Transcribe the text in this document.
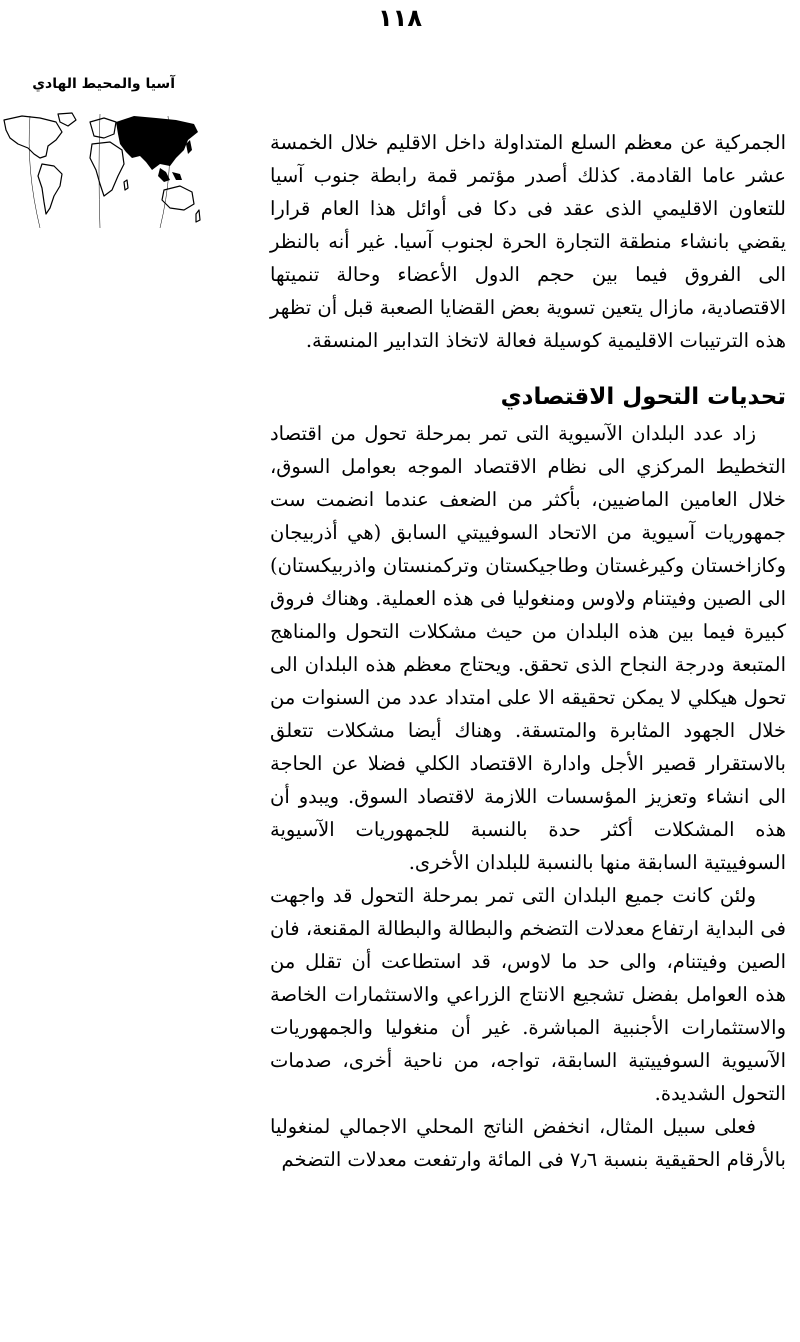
١١٨
آسيا والمحيط الهادي

الجمركية عن معظم السلع المتداولة داخل الاقليم خلال الخمسة عشر عاما القادمة. كذلك أصدر مؤتمر قمة رابطة جنوب آسيا للتعاون الاقليمي الذى عقد فى دكا فى أوائل هذا العام قرارا يقضي بانشاء منطقة التجارة الحرة لجنوب آسيا. غير أنه بالنظر الى الفروق فيما بين حجم الدول الأعضاء وحالة تنميتها الاقتصادية، مازال يتعين تسوية بعض القضايا الصعبة قبل أن تظهر هذه الترتيبات الاقليمية كوسيلة فعالة لاتخاذ التدابير المنسقة.

تحديات التحول الاقتصادي

زاد عدد البلدان الآسيوية التى تمر بمرحلة تحول من اقتصاد التخطيط المركزي الى نظام الاقتصاد الموجه بعوامل السوق، خلال العامين الماضيين، بأكثر من الضعف عندما انضمت ست جمهوريات آسيوية من الاتحاد السوفييتي السابق (هي أذربيجان وكازاخستان وكيرغستان وطاجيكستان وتركمنستان واذربيكستان) الى الصين وفيتنام ولاوس ومنغوليا فى هذه العملية. وهناك فروق كبيرة فيما بين هذه البلدان من حيث مشكلات التحول والمناهج المتبعة ودرجة النجاح الذى تحقق. ويحتاج معظم هذه البلدان الى تحول هيكلي لا يمكن تحقيقه الا على امتداد عدد من السنوات من خلال الجهود المثابرة والمتسقة. وهناك أيضا مشكلات تتعلق بالاستقرار قصير الأجل وادارة الاقتصاد الكلي فضلا عن الحاجة الى انشاء وتعزيز المؤسسات اللازمة لاقتصاد السوق. ويبدو أن هذه المشكلات أكثر حدة بالنسبة للجمهوريات الآسيوية السوفييتية السابقة منها بالنسبة للبلدان الأخرى.

ولئن كانت جميع البلدان التى تمر بمرحلة التحول قد واجهت فى البداية ارتفاع معدلات التضخم والبطالة والبطالة المقنعة، فان الصين وفيتنام، والى حد ما لاوس، قد استطاعت أن تقلل من هذه العوامل بفضل تشجيع الانتاج الزراعي والاستثمارات الخاصة والاستثمارات الأجنبية المباشرة. غير أن منغوليا والجمهوريات الآسيوية السوفييتية السابقة، تواجه، من ناحية أخرى، صدمات التحول الشديدة.

فعلى سبيل المثال، انخفض الناتج المحلي الاجمالي لمنغوليا بالأرقام الحقيقية بنسبة ٧٫٦ فى المائة وارتفعت معدلات التضخم
